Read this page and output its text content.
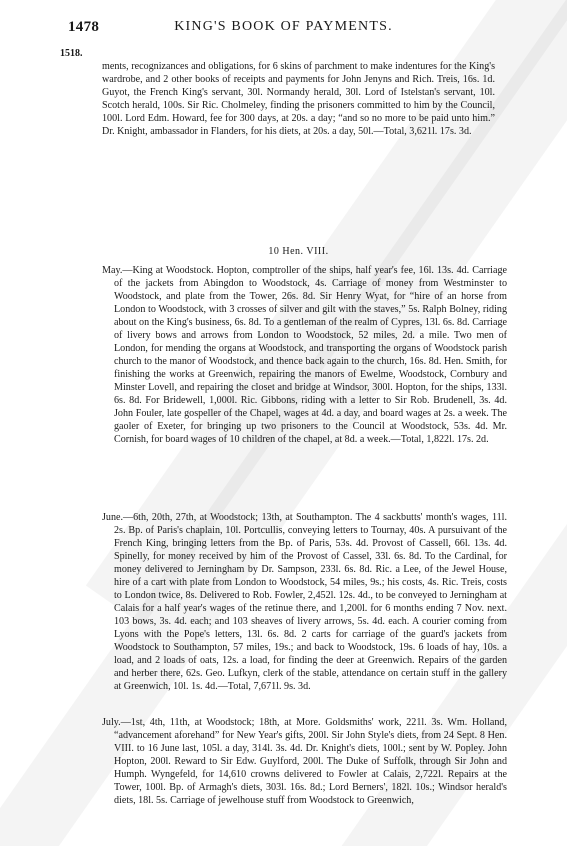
1478	KING'S BOOK OF PAYMENTS.
1518.

ments, recognizances and obligations, for 6 skins of parchment to make indentures for the King's wardrobe, and 2 other books of receipts and payments for John Jenyns and Rich. Treis, 16s. 1d. Guyot, the French King's servant, 30l. Normandy herald, 30l. Lord of Istelstan's servant, 10l. Scotch herald, 100s. Sir Ric. Cholmeley, finding the prisoners committed to him by the Council, 100l. Lord Edm. Howard, fee for 300 days, at 20s. a day; “and so no more to be paid unto him.” Dr. Knight, ambassador in Flanders, for his diets, at 20s. a day, 50l.—Total, 3,621l. 17s. 3d.

10 Hen. VIII.

May.—King at Woodstock. Hopton, comptroller of the ships, half year's fee, 16l. 13s. 4d. Carriage of the jackets from Abingdon to Woodstock, 4s. Carriage of money from Westminster to Woodstock, and plate from the Tower, 26s. 8d. Sir Henry Wyat, for “hire of an horse from London to Woodstock, with 3 crosses of silver and gilt with the staves,” 5s. Ralph Bolney, riding about on the King's business, 6s. 8d. To a gentleman of the realm of Cypres, 13l. 6s. 8d. Carriage of livery bows and arrows from London to Woodstock, 52 miles, 2d. a mile. Two men of London, for mending the organs at Woodstock, and transporting the organs of Woodstock parish church to the manor of Woodstock, and thence back again to the church, 16s. 8d. Hen. Smith, for finishing the works at Greenwich, repairing the manors of Ewelme, Woodstock, Cornbury and Minster Lovell, and repairing the closet and bridge at Windsor, 300l. Hopton, for the ships, 133l. 6s. 8d. For Bridewell, 1,000l. Ric. Gibbons, riding with a letter to Sir Rob. Brudenell, 3s. 4d. John Fouler, late gospeller of the Chapel, wages at 4d. a day, and board wages at 2s. a week. The gaoler of Exeter, for bringing up two prisoners to the Council at Woodstock, 53s. 4d. Mr. Cornish, for board wages of 10 children of the chapel, at 8d. a week.—Total, 1,822l. 17s. 2d.

June.—6th, 20th, 27th, at Woodstock; 13th, at Southampton. The 4 sackbutts' month's wages, 11l. 2s. Bp. of Paris's chaplain, 10l. Portcullis, conveying letters to Tournay, 40s. A pursuivant of the French King, bringing letters from the Bp. of Paris, 53s. 4d. Provost of Cassell, 66l. 13s. 4d. Spinelly, for money received by him of the Provost of Cassel, 33l. 6s. 8d. To the Cardinal, for money delivered to Jerningham by Dr. Sampson, 233l. 6s. 8d. Ric. a Lee, of the Jewel House, hire of a cart with plate from London to Woodstock, 54 miles, 9s.; his costs, 4s. Ric. Treis, costs to London twice, 8s. Delivered to Rob. Fowler, 2,452l. 12s. 4d., to be conveyed to Jerningham at Calais for a half year's wages of the retinue there, and 1,200l. for 6 months ending 7 Nov. next. 103 bows, 3s. 4d. each; and 103 sheaves of livery arrows, 5s. 4d. each. A courier coming from Lyons with the Pope's letters, 13l. 6s. 8d. 2 carts for carriage of the guard's jackets from Woodstock to Southampton, 57 miles, 19s.; and back to Woodstock, 19s. 6 loads of hay, 10s. a load, and 2 loads of oats, 12s. a load, for finding the deer at Greenwich. Repairs of the garden and herber there, 62s. Geo. Lufkyn, clerk of the stable, attendance on certain stuff in the gallery at Greenwich, 10l. 1s. 4d.—Total, 7,671l. 9s. 3d.

July.—1st, 4th, 11th, at Woodstock; 18th, at More. Goldsmiths' work, 221l. 3s. Wm. Holland, “advancement aforehand” for New Year's gifts, 200l. Sir John Style's diets, from 24 Sept. 8 Hen. VIII. to 16 June last, 105l. a day, 314l. 3s. 4d. Dr. Knight's diets, 100l.; sent by W. Popley. John Hopton, 200l. Reward to Sir Edw. Guylford, 200l. The Duke of Suffolk, through Sir John and Humph. Wyngefeld, for 14,610 crowns delivered to Fowler at Calais, 2,722l. Repairs at the Tower, 100l. Bp. of Armagh's diets, 303l. 16s. 8d.; Lord Berners', 182l. 10s.; Windsor herald's diets, 18l. 5s. Carriage of jewelhouse stuff from Woodstock to Greenwich,
